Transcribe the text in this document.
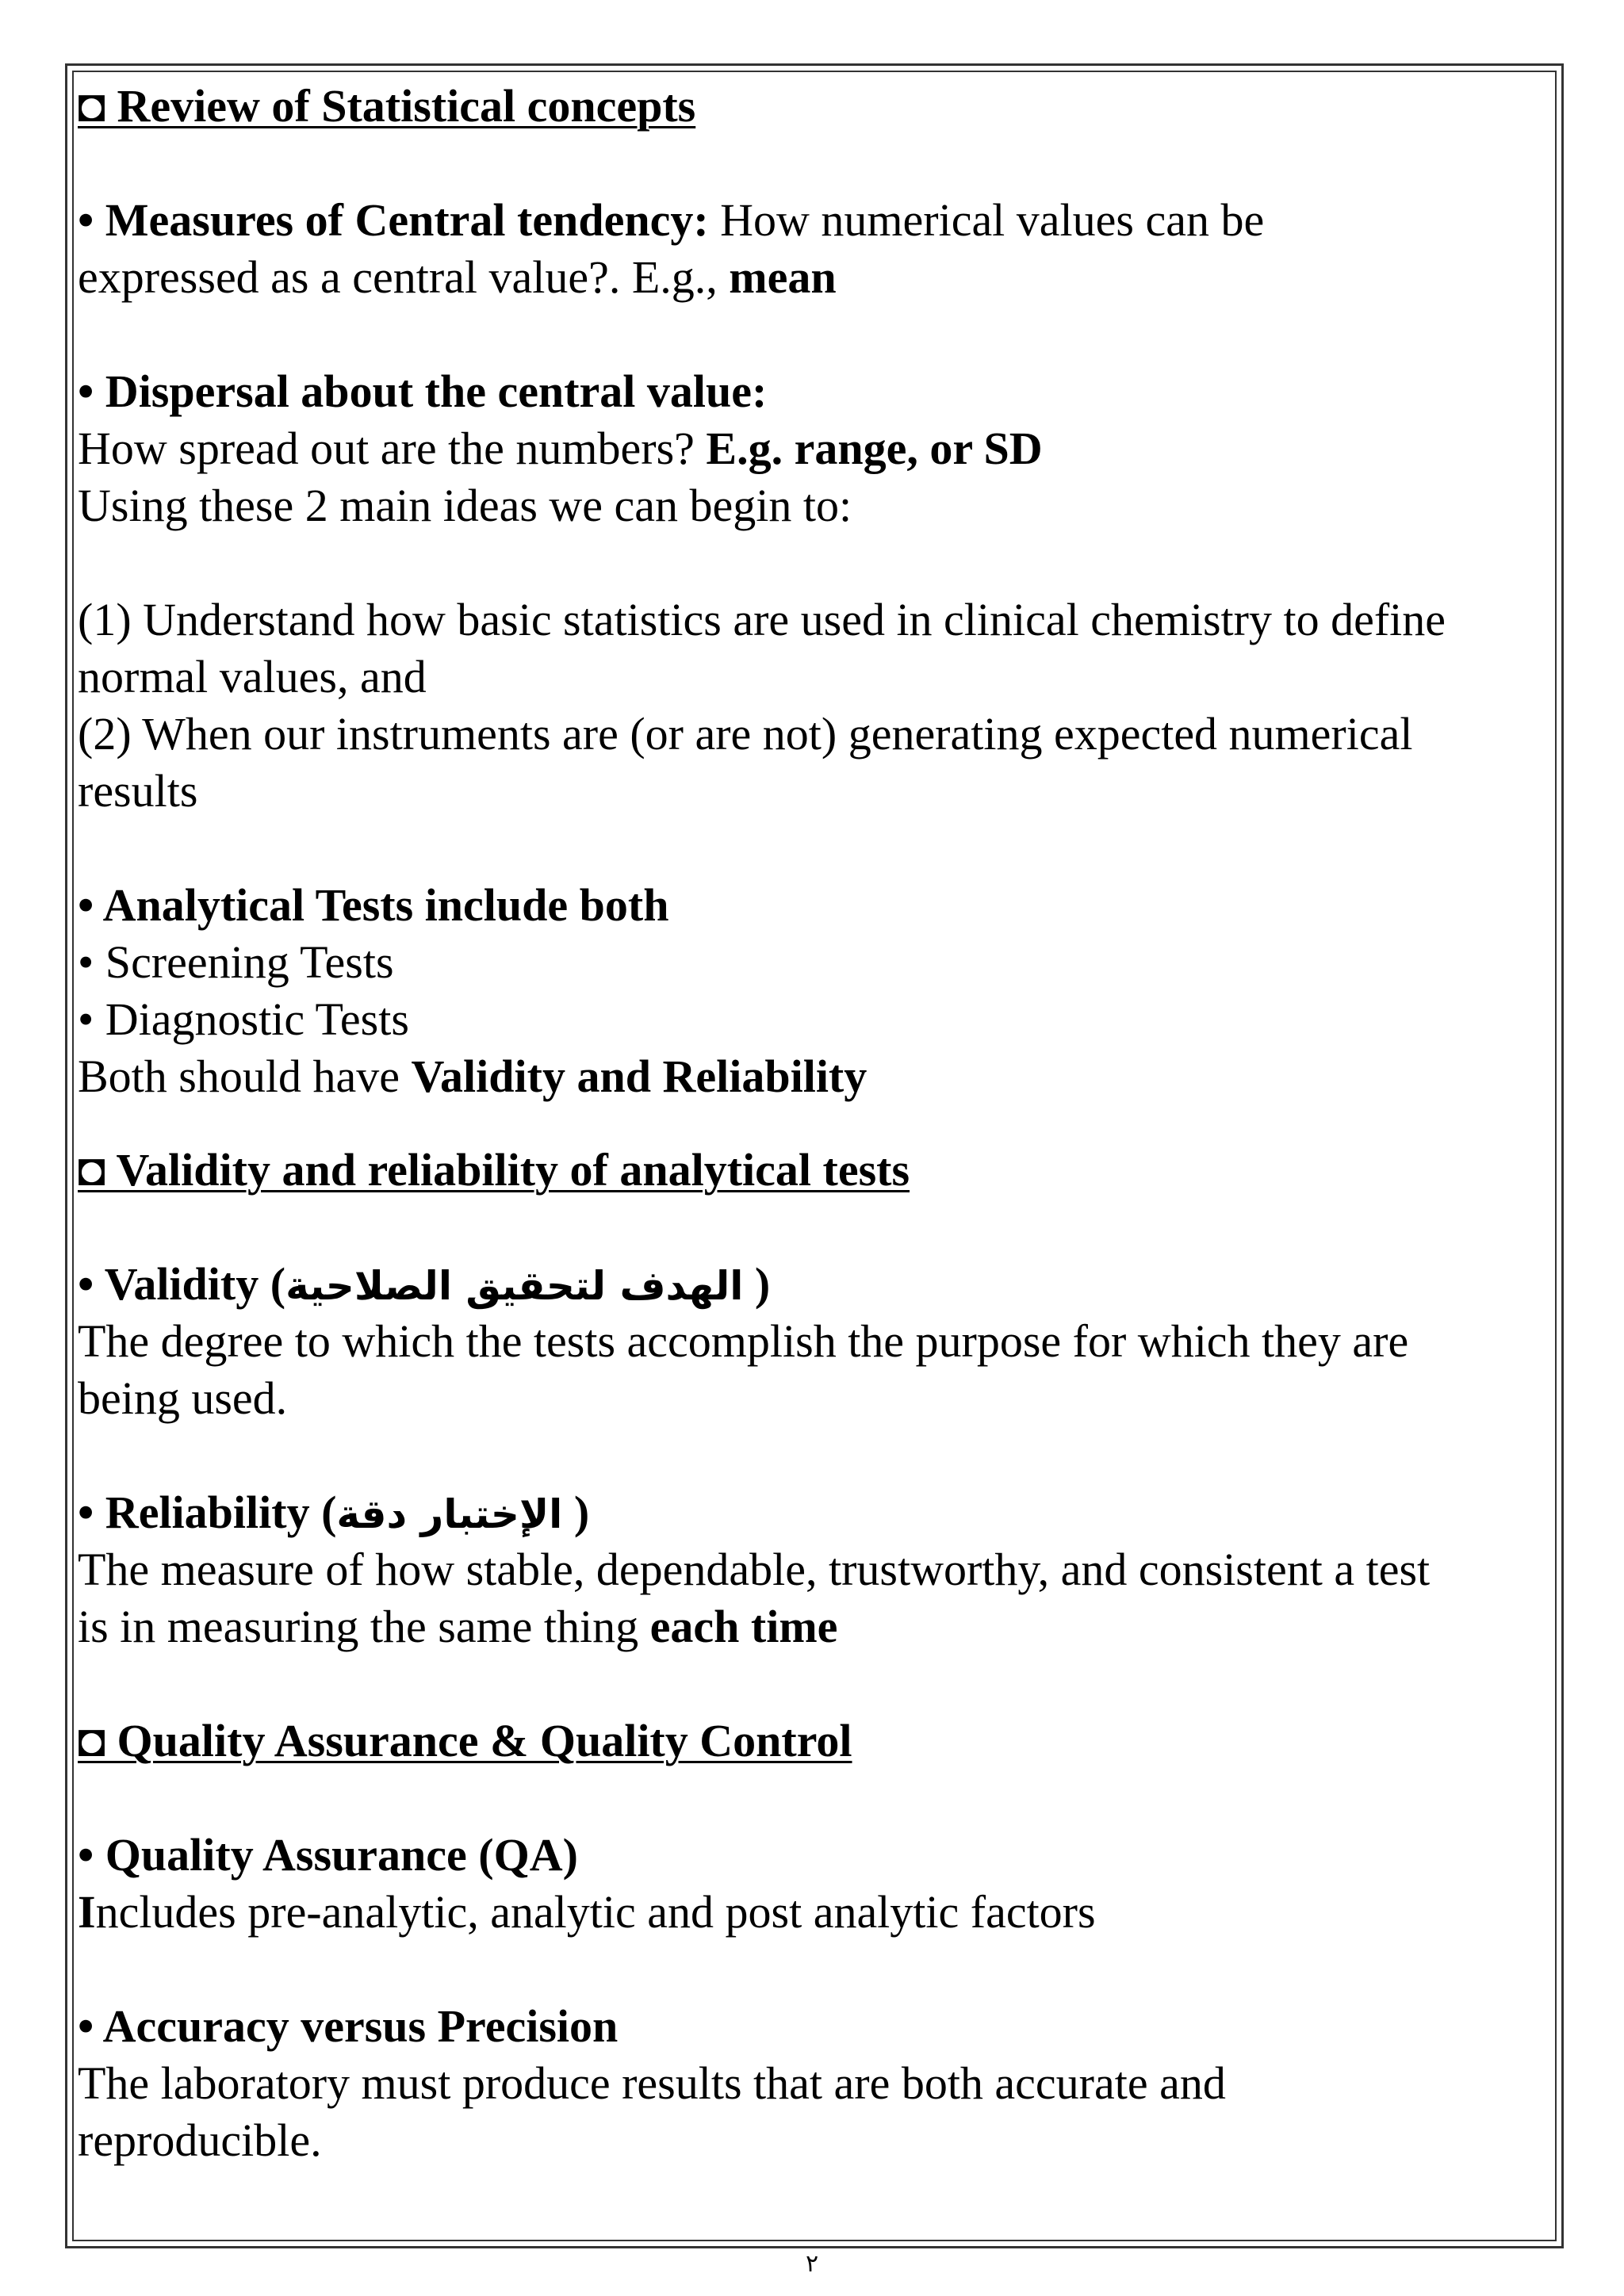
◘ Review of Statistical concepts
• Measures of Central tendency: How numerical values can be
expressed as a central value?. E.g., mean
• Dispersal about the central value:
How spread out are the numbers? E.g. range, or SD
Using these 2 main ideas we can begin to:
(1) Understand how basic statistics are used in clinical chemistry to define
normal values, and
(2) When our instruments are (or are not) generating expected numerical
results
• Analytical Tests include both
• Screening Tests
• Diagnostic Tests
Both should have Validity and Reliability
◘ Validity and reliability of analytical tests
• Validity (الهدف لتحقيق الصلاحية )
The degree to which the tests accomplish the purpose for which they are
being used.
• Reliability (الإختبار دقة )
The measure of how stable, dependable, trustworthy, and consistent a test
is in measuring the same thing each time
◘ Quality Assurance & Quality Control
• Quality Assurance (QA)
Includes pre-analytic, analytic and post analytic factors
• Accuracy versus Precision
The laboratory must produce results that are both accurate and
reproducible.
٢
